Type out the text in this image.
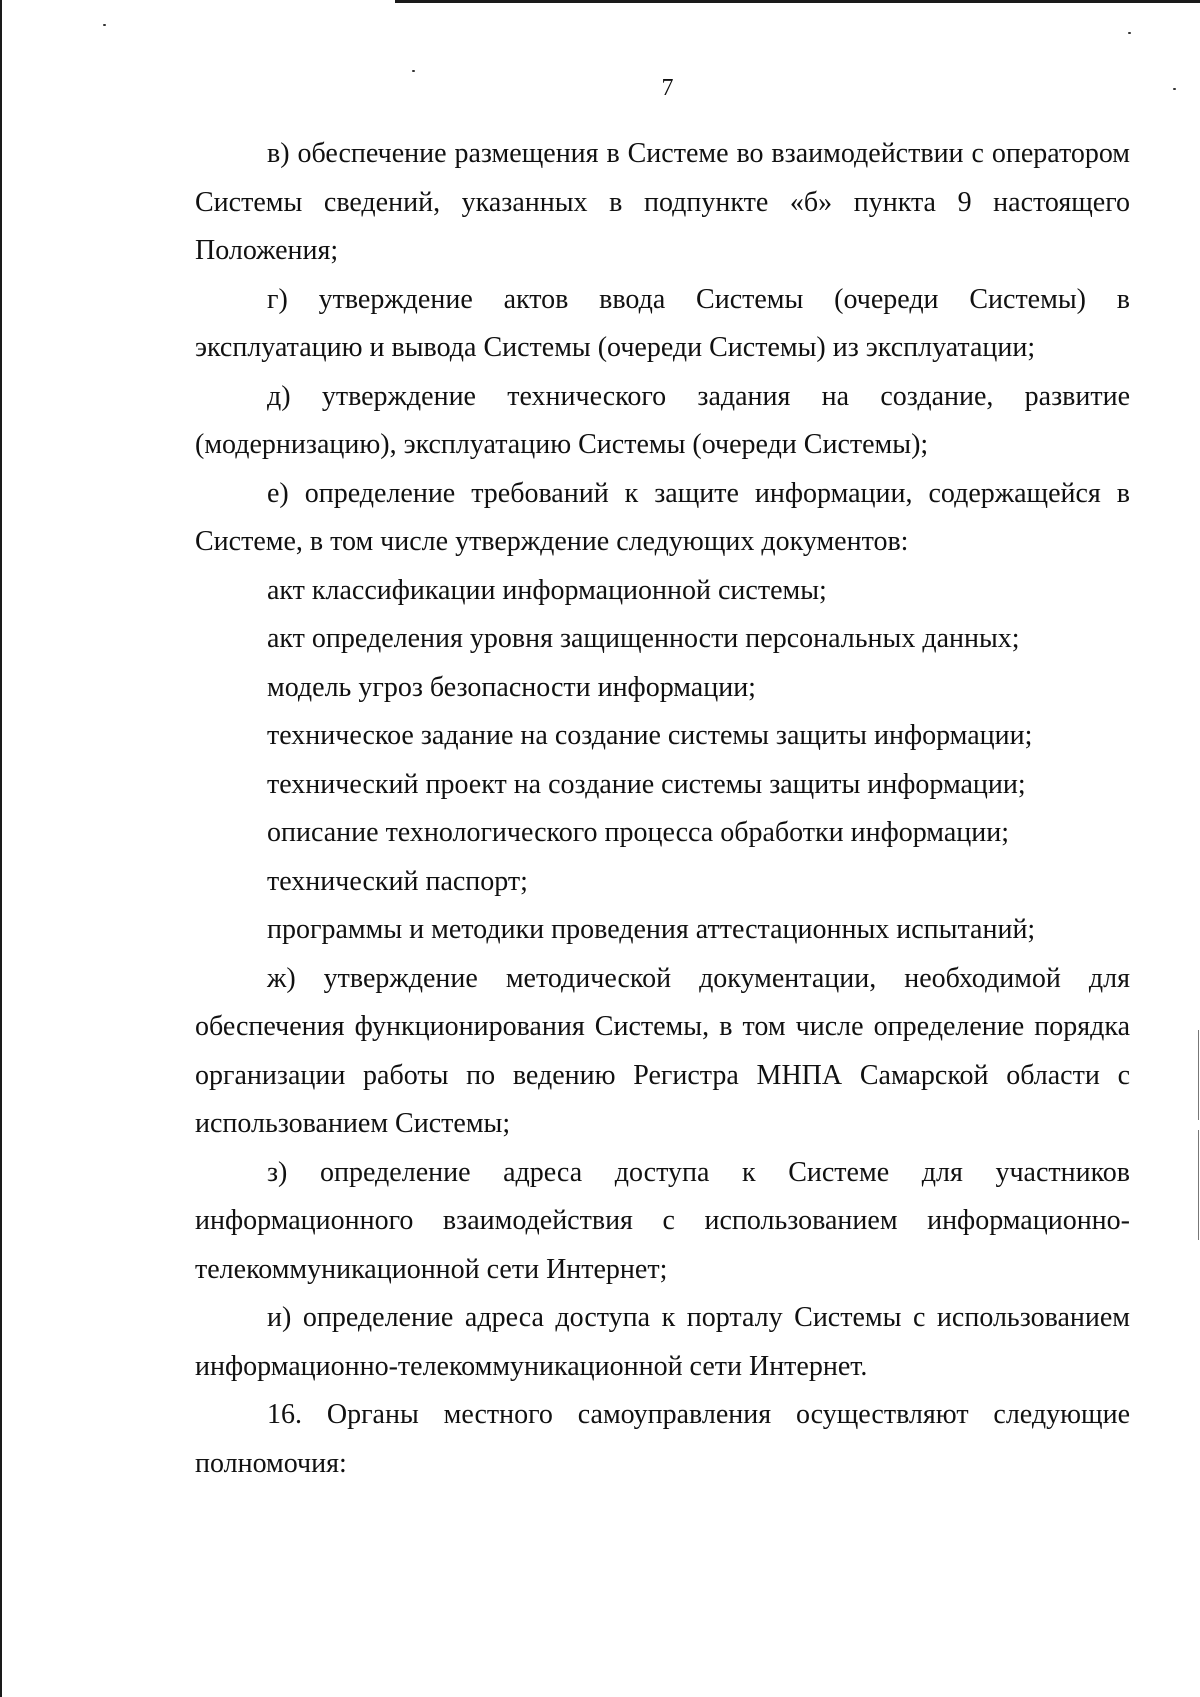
7

в) обеспечение размещения в Системе во взаимодействии с оператором Системы сведений, указанных в подпункте «б» пункта 9 настоящего Положения;

г) утверждение актов ввода Системы (очереди Системы) в эксплуатацию и вывода Системы (очереди Системы) из эксплуатации;

д) утверждение технического задания на создание, развитие (модернизацию), эксплуатацию Системы (очереди Системы);

е) определение требований к защите информации, содержащейся в Системе, в том числе утверждение следующих документов:

акт классификации информационной системы;

акт определения уровня защищенности персональных данных;

модель угроз безопасности информации;

техническое задание на создание системы защиты информации;

технический проект на создание системы защиты информации;

описание технологического процесса обработки информации;

технический паспорт;

программы и методики проведения аттестационных испытаний;

ж) утверждение методической документации, необходимой для обеспечения функционирования Системы, в том числе определение порядка организации работы по ведению Регистра МНПА Самарской области с использованием Системы;

з) определение адреса доступа к Системе для участников информационного взаимодействия с использованием информационно-телекоммуникационной сети Интернет;

и) определение адреса доступа к порталу Системы с использованием информационно-телекоммуникационной сети Интернет.

16. Органы местного самоуправления осуществляют следующие полномочия:
